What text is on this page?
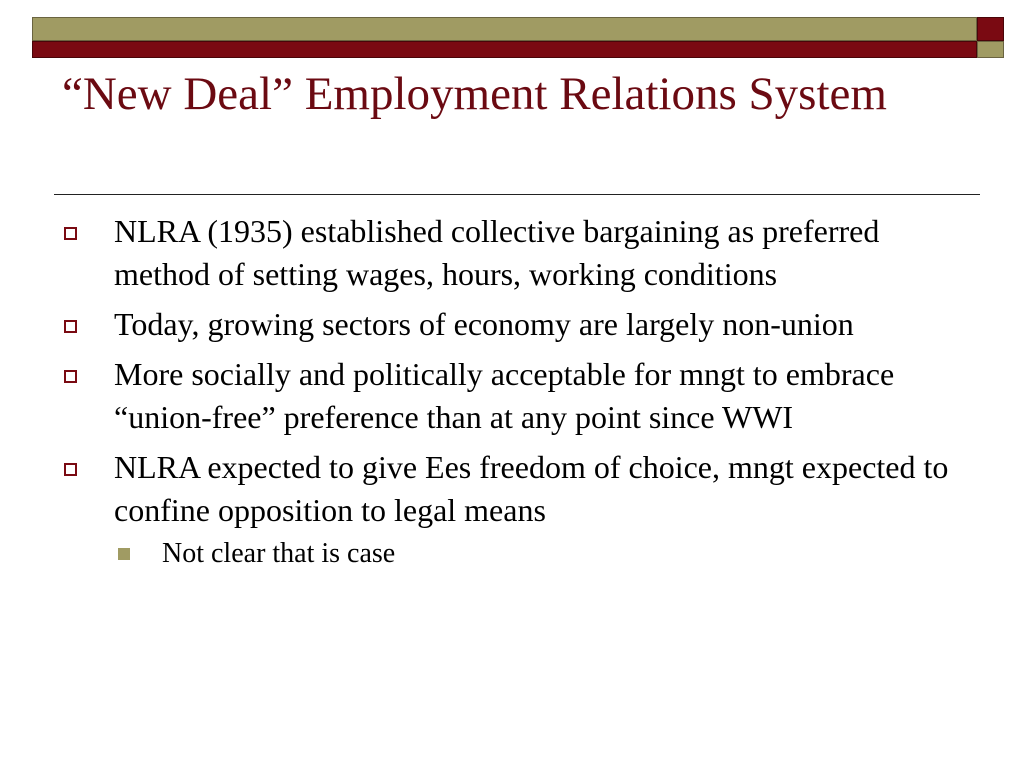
“New Deal” Employment Relations System

NLRA (1935) established collective bargaining as preferred method of setting wages, hours, working conditions

Today, growing sectors of economy are largely non-union

More socially and politically acceptable for mngt to embrace “union-free” preference than at any point since WWI

NLRA expected to give Ees freedom of choice, mngt expected to confine opposition to legal means

Not clear that is case
